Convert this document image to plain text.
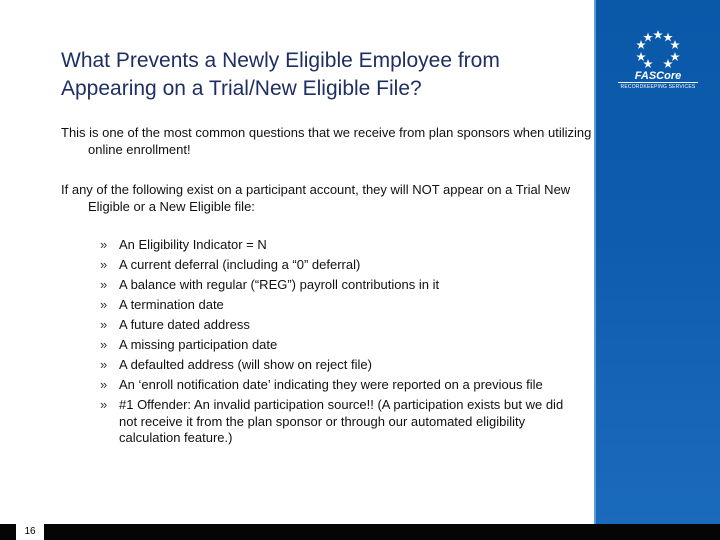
FASCore
RECORDKEEPING SERVICES
What Prevents a Newly Eligible Employee from
Appearing on a Trial/New Eligible File?
This is one of the most common questions that we receive from plan sponsors when utilizing online enrollment!
If any of the following exist on a participant account, they will NOT appear on a Trial New Eligible or a New Eligible file:
» An Eligibility Indicator = N
» A current deferral (including a “0” deferral)
» A balance with regular (“REG”) payroll contributions in it
» A termination date
» A future dated address
» A missing participation date
» A defaulted address (will show on reject file)
» An ‘enroll notification date’ indicating they were reported on a previous file
» #1 Offender: An invalid participation source!! (A participation exists but we did not receive it from the plan sponsor or through our automated eligibility calculation feature.)
16
